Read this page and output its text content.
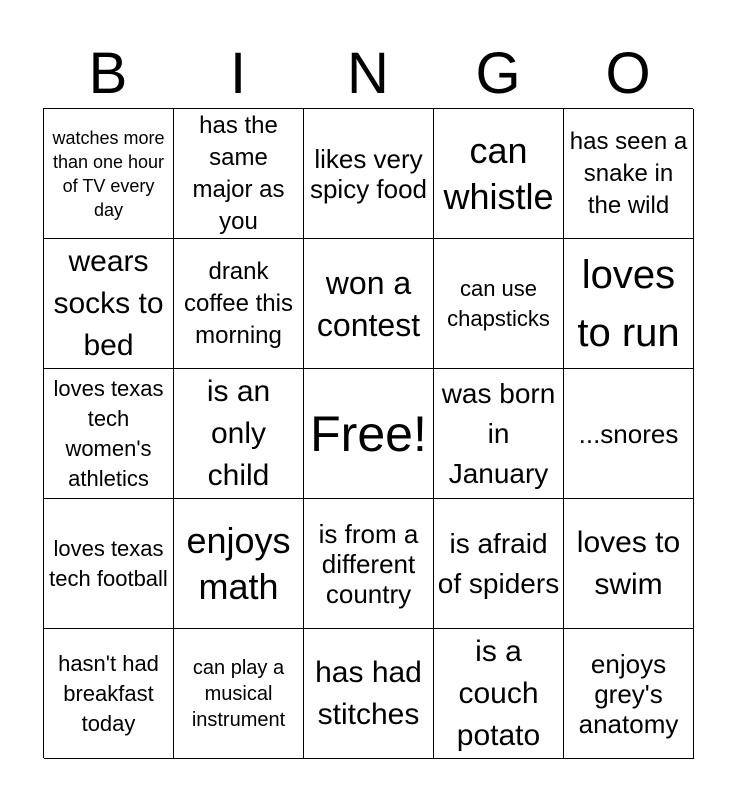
B	I	N	G	O
watches more than one hour of TV every day
has the same major as you
likes very spicy food
can whistle
has seen a snake in the wild
wears socks to bed
drank coffee this morning
won a contest
can use chapsticks
loves to run
loves texas tech women's athletics
is an only child
Free!
was born in January
...snores
loves texas tech football
enjoys math
is from a different country
is afraid of spiders
loves to swim
hasn't had breakfast today
can play a musical instrument
has had stitches
is a couch potato
enjoys grey's anatomy
